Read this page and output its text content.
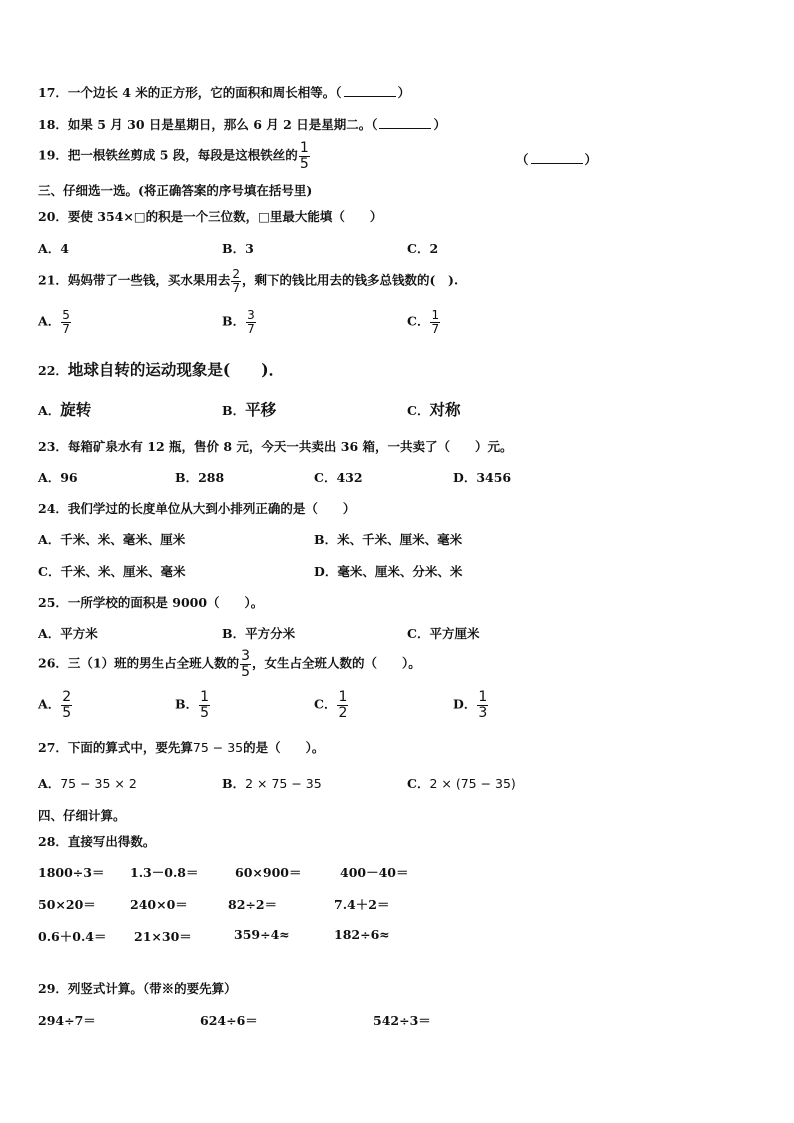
17．一个边长 4 米的正方形，它的面积和周长相等。（	）
18．如果 5 月 30 日是星期日，那么 6 月 2 日是星期二。（	）
19．把一根铁丝剪成 5 段，每段是这根铁丝的 $\frac{1}{5}$	（	）
三、仔细选一选。(将正确答案的序号填在括号里)
20．要使 354×□的积是一个三位数，□里最大能填（　　）
A．4	B．3	C．2
21．妈妈带了一些钱，买水果用去 $\frac{2}{7}$ ，剩下的钱比用去的钱多总钱数的(　).
A． $\frac{5}{7}$	B． $\frac{3}{7}$	C． $\frac{1}{7}$
22．地球自转的运动现象是(　　)．
A．旋转	B．平移	C．对称
23．每箱矿泉水有 12 瓶，售价 8 元，今天一共卖出 36 箱，一共卖了（　　）元。
A．96	B．288	C．432	D．3456
24．我们学过的长度单位从大到小排列正确的是（　　）
A．千米、米、毫米、厘米	B．米、千米、厘米、毫米
C．千米、米、厘米、毫米	D．毫米、厘米、分米、米
25．一所学校的面积是 9000（　　）。
A．平方米	B．平方分米	C．平方厘米
26．三（1）班的男生占全班人数的 $\frac{3}{5}$ ，女生占全班人数的（　　）。
A． $\frac{2}{5}$	B． $\frac{1}{5}$	C． $\frac{1}{2}$	D． $\frac{1}{3}$
27．下面的算式中，要先算75 − 35的是（　　）。
A．75 − 35 × 2	B．2 × 75 − 35	C．2 × (75 − 35)
四、仔细计算。
28．直接写出得数。
1800÷3＝ 1.3－0.8＝	60×900＝	400－40＝
50×20＝	240×0＝	82÷2＝	7.4＋2＝
0.6＋0.4＝ 21×30＝	359÷4≈	182÷6≈
29．列竖式计算。（带※的要先算）
294÷7＝	624÷6＝	542÷3＝
